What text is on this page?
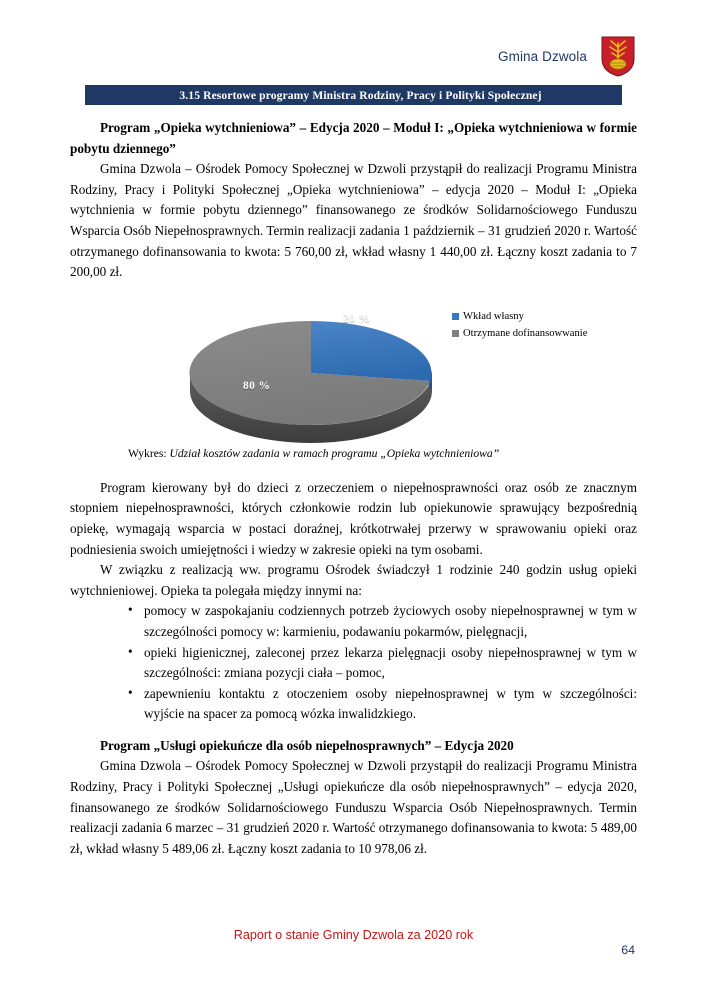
Gmina Dzwola
3.15 Resortowe programy Ministra Rodziny, Pracy i Polityki Społecznej

Program „Opieka wytchnieniowa” – Edycja 2020 – Moduł I: „Opieka wytchnieniowa w formie pobytu dziennego”

Gmina Dzwola – Ośrodek Pomocy Społecznej w Dzwoli przystąpił do realizacji Programu Ministra Rodziny, Pracy i Polityki Społecznej „Opieka wytchnieniowa” – edycja 2020 – Moduł I: „Opieka wytchnienia w formie pobytu dziennego” finansowanego ze środków Solidarnościowego Funduszu Wsparcia Osób Niepełnosprawnych. Termin realizacji zadania 1 październik – 31 grudzień 2020 r. Wartość otrzymanego dofinansowania to kwota: 5 760,00 zł, wkład własny 1 440,00 zł. Łączny koszt zadania to 7 200,00 zł.

20 %
80 %
Wkład własny
Otrzymane dofinansowwanie

Wykres: Udział kosztów zadania w ramach programu „Opieka wytchnieniowa”

Program kierowany był do dzieci z orzeczeniem o niepełnosprawności oraz osób ze znacznym stopniem niepełnosprawności, których członkowie rodzin lub opiekunowie sprawujący bezpośrednią opiekę, wymagają wsparcia w postaci doraźnej, krótkotrwałej przerwy w sprawowaniu opieki oraz podniesienia swoich umiejętności i wiedzy w zakresie opieki na tym osobami.

W związku z realizacją ww. programu Ośrodek świadczył 1 rodzinie 240 godzin usług opieki wytchnieniowej. Opieka ta polegała między innymi na:

• pomocy w zaspokajaniu codziennych potrzeb życiowych osoby niepełnosprawnej w tym w szczególności pomocy w: karmieniu, podawaniu pokarmów, pielęgnacji,
• opieki higienicznej, zaleconej przez lekarza pielęgnacji osoby niepełnosprawnej w tym w szczególności: zmiana pozycji ciała – pomoc,
• zapewnieniu kontaktu z otoczeniem osoby niepełnosprawnej w tym w szczególności: wyjście na spacer za pomocą wózka inwalidzkiego.

Program „Usługi opiekuńcze dla osób niepełnosprawnych” – Edycja 2020

Gmina Dzwola – Ośrodek Pomocy Społecznej w Dzwoli przystąpił do realizacji Programu Ministra Rodziny, Pracy i Polityki Społecznej „Usługi opiekuńcze dla osób niepełnosprawnych” – edycja 2020, finansowanego ze środków Solidarnościowego Funduszu Wsparcia Osób Niepełnosprawnych. Termin realizacji zadania 6 marzec – 31 grudzień 2020 r. Wartość otrzymanego dofinansowania to kwota: 5 489,00 zł, wkład własny 5 489,06 zł. Łączny koszt zadania to 10 978,06 zł.

Raport o stanie Gminy Dzwola za 2020 rok
64
